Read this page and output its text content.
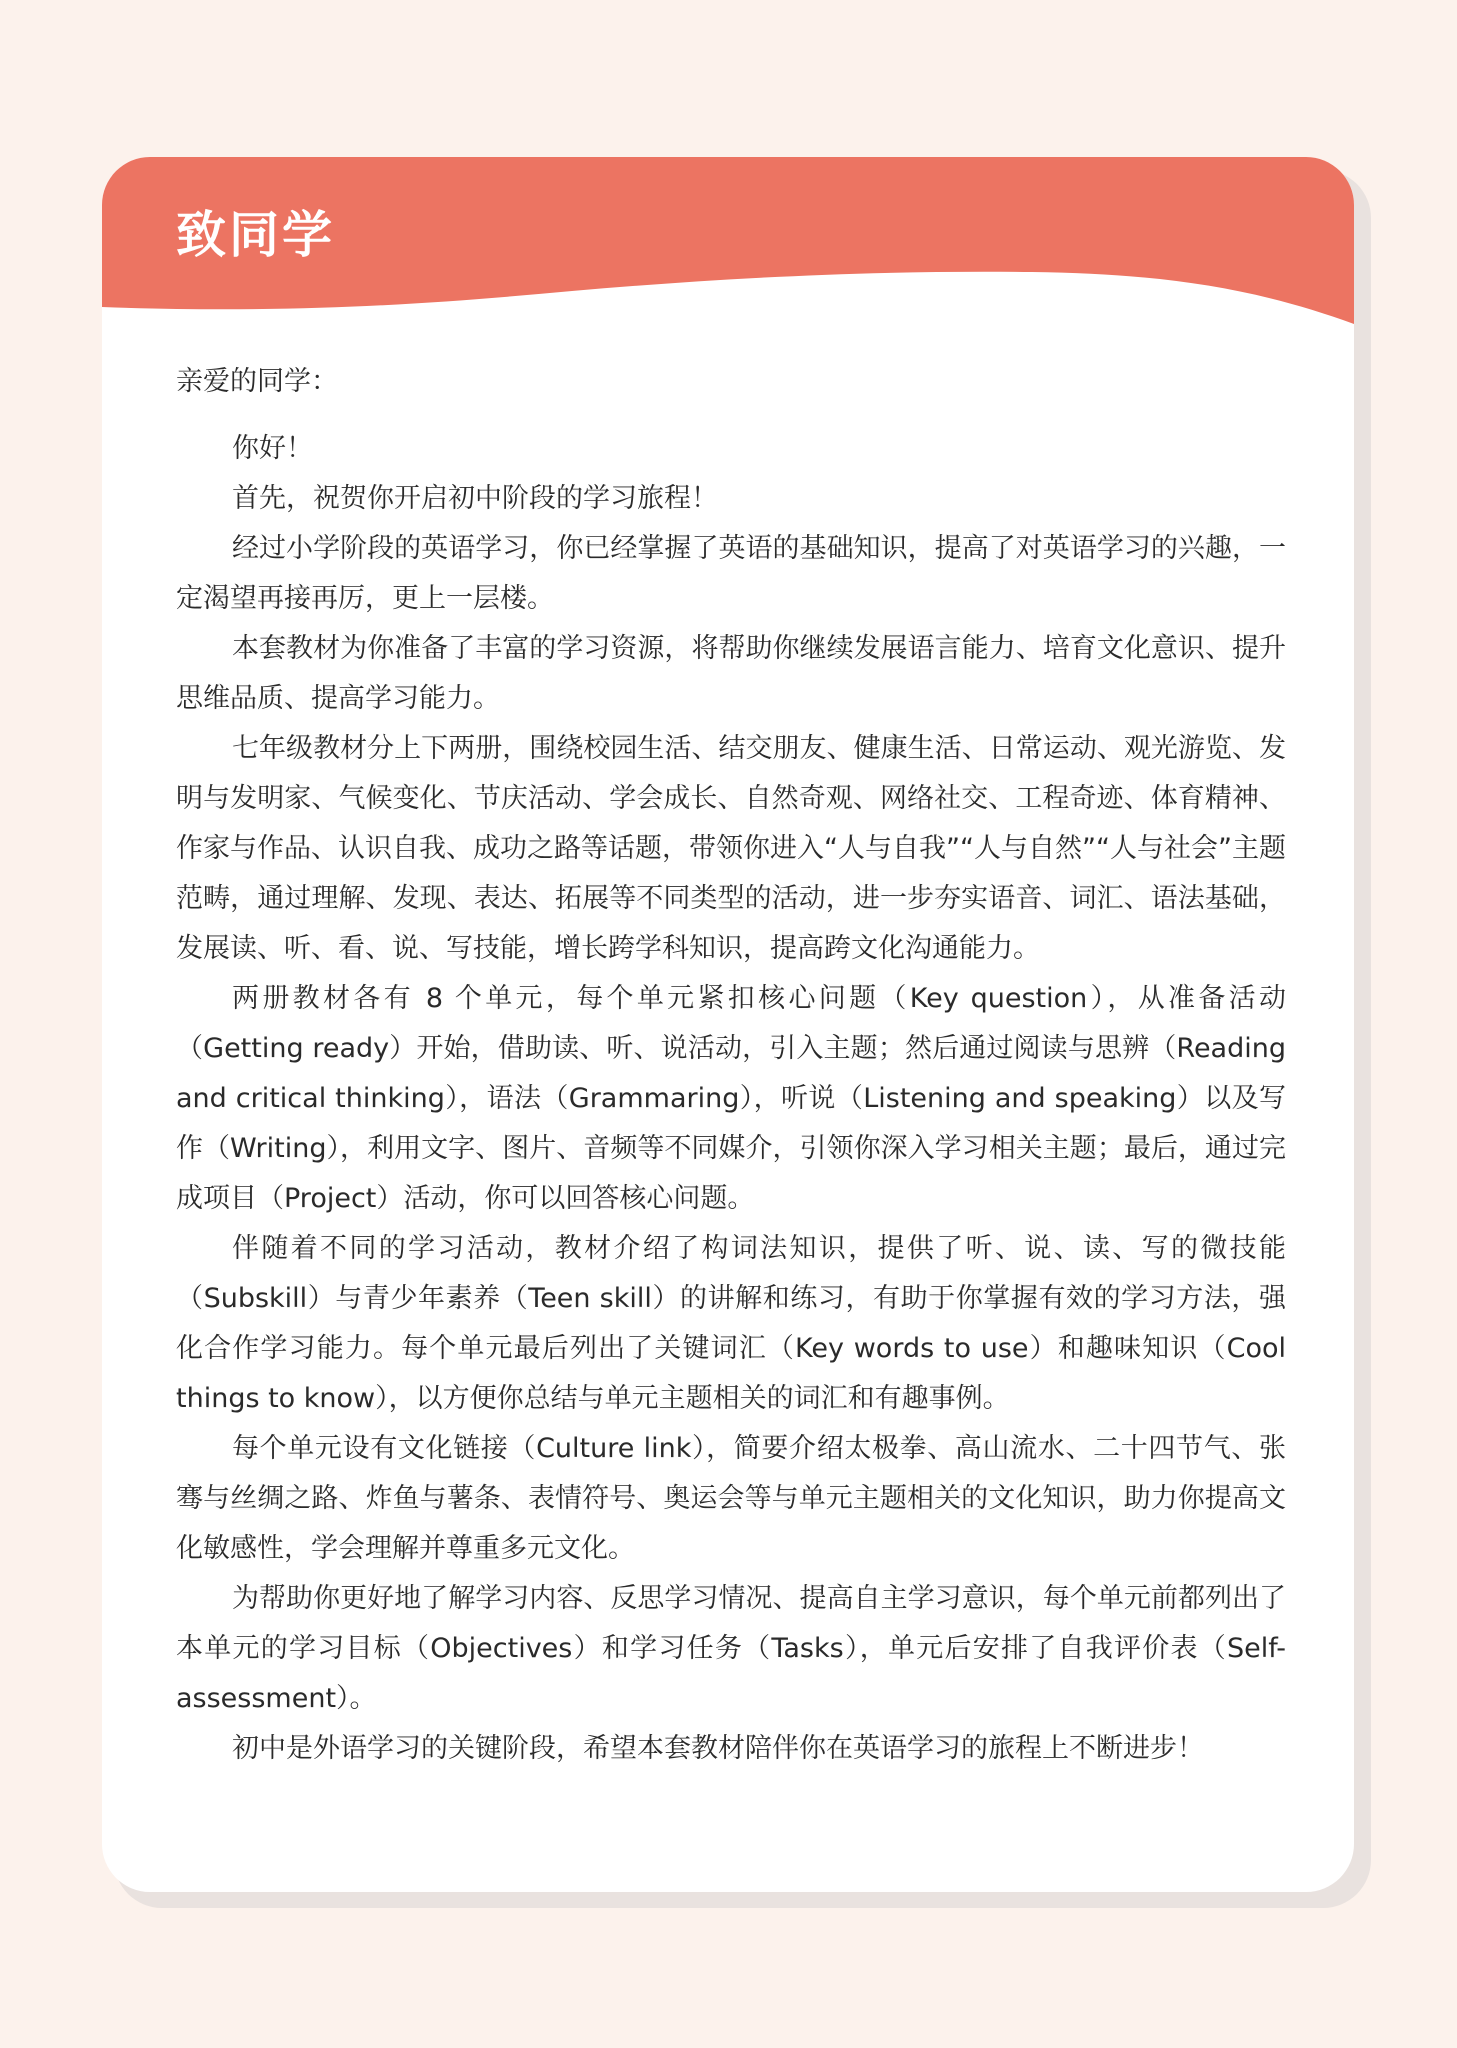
致同学

亲爱的同学：

你好！

首先，祝贺你开启初中阶段的学习旅程！

经过小学阶段的英语学习，你已经掌握了英语的基础知识，提高了对英语学习的兴趣，一定渴望再接再厉，更上一层楼。

本套教材为你准备了丰富的学习资源，将帮助你继续发展语言能力、培育文化意识、提升思维品质、提高学习能力。

七年级教材分上下两册，围绕校园生活、结交朋友、健康生活、日常运动、观光游览、发明与发明家、气候变化、节庆活动、学会成长、自然奇观、网络社交、工程奇迹、体育精神、作家与作品、认识自我、成功之路等话题，带领你进入“人与自我”“人与自然”“人与社会”主题范畴，通过理解、发现、表达、拓展等不同类型的活动，进一步夯实语音、词汇、语法基础，发展读、听、看、说、写技能，增长跨学科知识，提高跨文化沟通能力。

两册教材各有 8 个单元，每个单元紧扣核心问题（Key question），从准备活动（Getting ready）开始，借助读、听、说活动，引入主题；然后通过阅读与思辨（Reading and critical thinking），语法（Grammaring），听说（Listening and speaking）以及写作（Writing），利用文字、图片、音频等不同媒介，引领你深入学习相关主题；最后，通过完成项目（Project）活动，你可以回答核心问题。

伴随着不同的学习活动，教材介绍了构词法知识，提供了听、说、读、写的微技能（Subskill）与青少年素养（Teen skill）的讲解和练习，有助于你掌握有效的学习方法，强化合作学习能力。每个单元最后列出了关键词汇（Key words to use）和趣味知识（Cool things to know），以方便你总结与单元主题相关的词汇和有趣事例。

每个单元设有文化链接（Culture link），简要介绍太极拳、高山流水、二十四节气、张骞与丝绸之路、炸鱼与薯条、表情符号、奥运会等与单元主题相关的文化知识，助力你提高文化敏感性，学会理解并尊重多元文化。

为帮助你更好地了解学习内容、反思学习情况、提高自主学习意识，每个单元前都列出了本单元的学习目标（Objectives）和学习任务（Tasks），单元后安排了自我评价表（Self-assessment）。

初中是外语学习的关键阶段，希望本套教材陪伴你在英语学习的旅程上不断进步！
